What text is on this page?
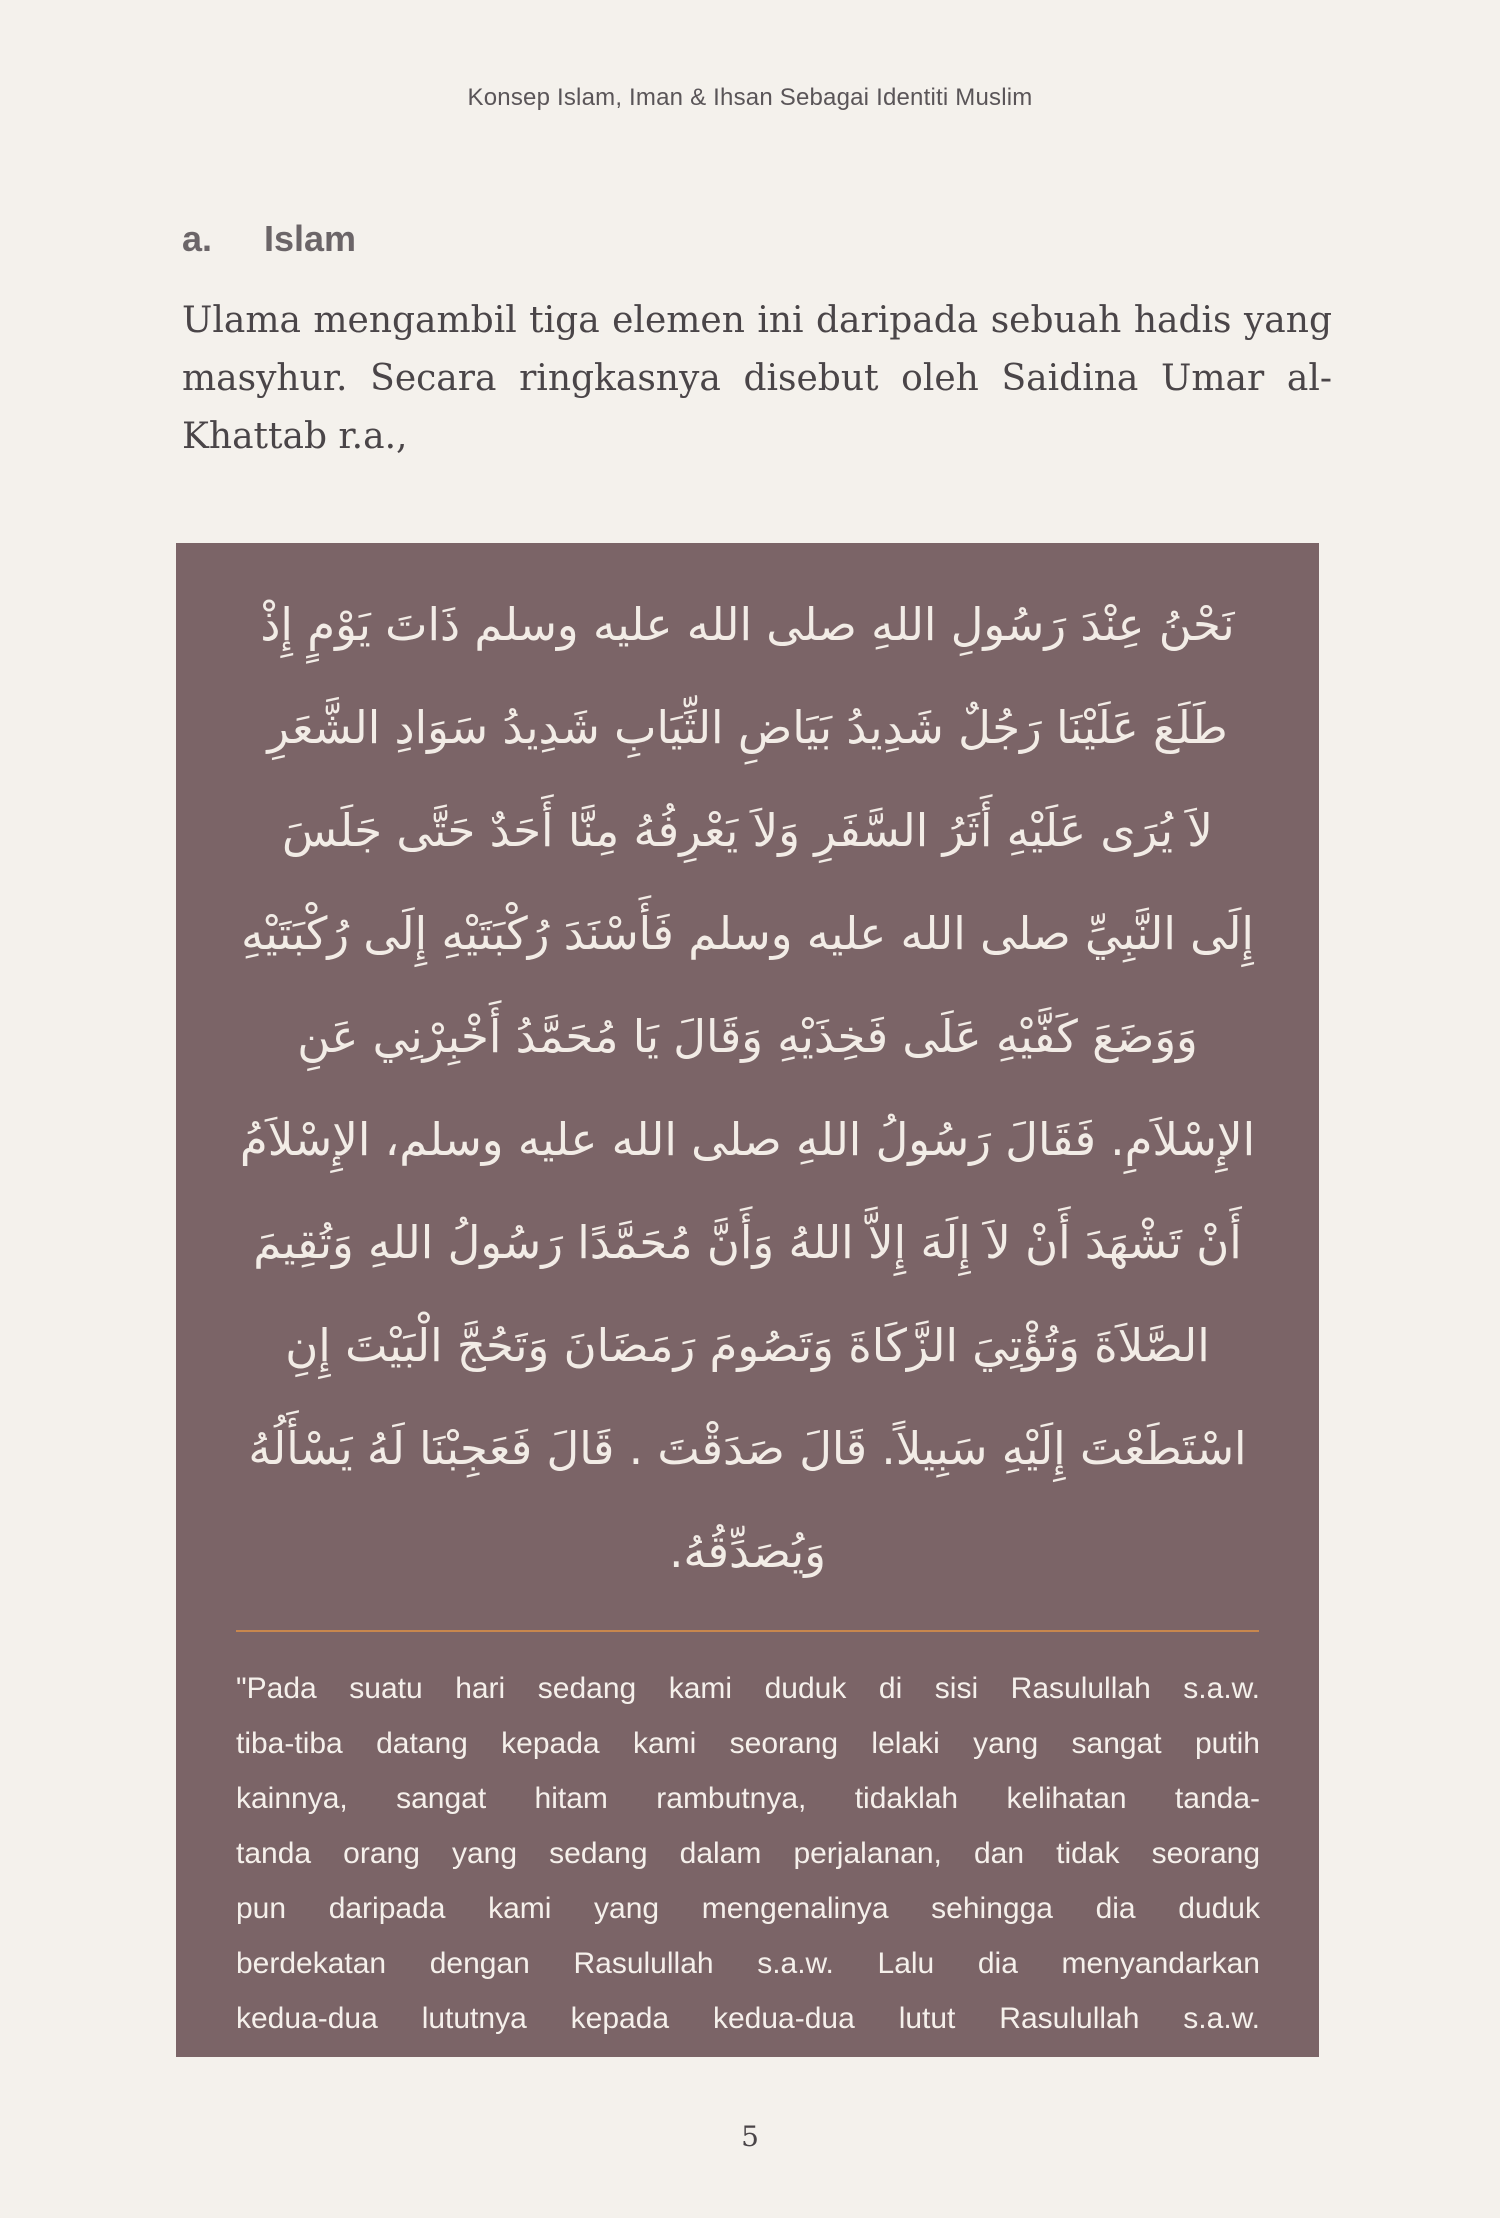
Konsep Islam, Iman & Ihsan Sebagai Identiti Muslim
a. Islam
Ulama mengambil tiga elemen ini daripada sebuah hadis yang masyhur. Secara ringkasnya disebut oleh Saidina Umar al-Khattab r.a.,
نَحْنُ عِنْدَ رَسُولِ اللهِ صلى الله عليه وسلم ذَاتَ يَوْمٍ إِذْ
طَلَعَ عَلَيْنَا رَجُلٌ شَدِيدُ بَيَاضِ الثِّيَابِ شَدِيدُ سَوَادِ الشَّعَرِ
لاَ يُرَى عَلَيْهِ أَثَرُ السَّفَرِ وَلاَ يَعْرِفُهُ مِنَّا أَحَدٌ حَتَّى جَلَسَ
إِلَى النَّبِيِّ صلى الله عليه وسلم فَأَسْنَدَ رُكْبَتَيْهِ إِلَى رُكْبَتَيْهِ
وَوَضَعَ كَفَّيْهِ عَلَى فَخِذَيْهِ وَقَالَ يَا مُحَمَّدُ أَخْبِرْنِي عَنِ
الإِسْلاَمِ. فَقَالَ رَسُولُ اللهِ صلى الله عليه وسلم، الإِسْلاَمُ
أَنْ تَشْهَدَ أَنْ لاَ إِلَهَ إِلاَّ اللهُ وَأَنَّ مُحَمَّدًا رَسُولُ اللهِ وَتُقِيمَ
الصَّلاَةَ وَتُؤْتِيَ الزَّكَاةَ وَتَصُومَ رَمَضَانَ وَتَحُجَّ الْبَيْتَ إِنِ
اسْتَطَعْتَ إِلَيْهِ سَبِيلاً. قَالَ صَدَقْتَ . قَالَ فَعَجِبْنَا لَهُ يَسْأَلُهُ
وَيُصَدِّقُهُ.
"Pada suatu hari sedang kami duduk di sisi Rasulullah s.a.w.
tiba-tiba datang kepada kami seorang lelaki yang sangat putih
kainnya, sangat hitam rambutnya, tidaklah kelihatan tanda-
tanda orang yang sedang dalam perjalanan, dan tidak seorang
pun daripada kami yang mengenalinya sehingga dia duduk
berdekatan dengan Rasulullah s.a.w. Lalu dia menyandarkan
kedua-dua lututnya kepada kedua-dua lutut Rasulullah s.a.w.
5
